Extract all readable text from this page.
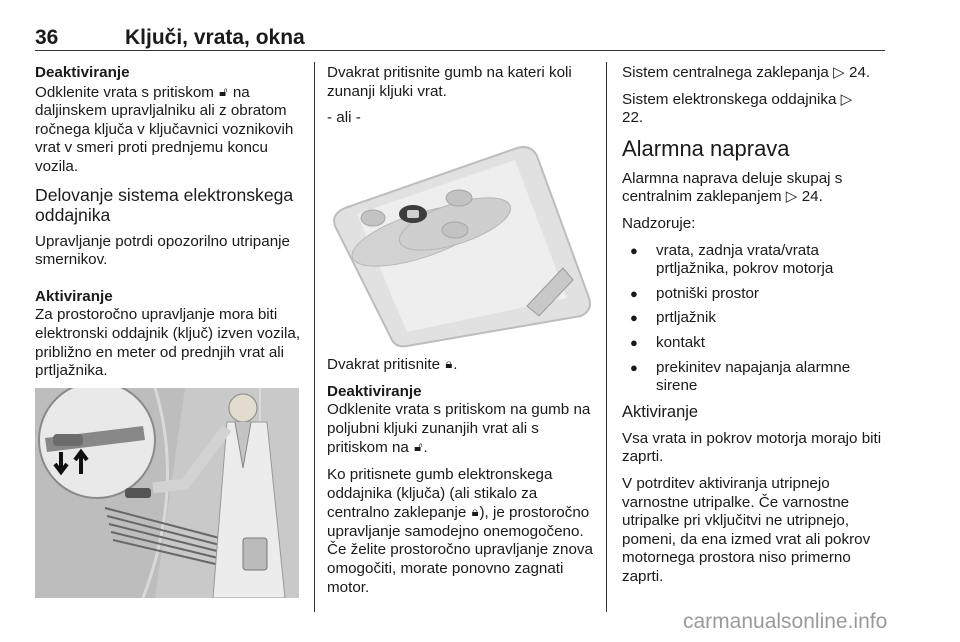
36	Ključi, vrata, okna

Deaktiviranje

Odklenite vrata s pritiskom 🔓︎ na daljinskem upravljalniku ali z obratom ročnega ključa v ključavnici voznikovih vrat v smeri proti prednjemu koncu vozila.

Delovanje sistema elektronskega oddajnika

Upravljanje potrdi opozorilno utripanje smernikov.

Aktiviranje

Za prostoročno upravljanje mora biti elektronski oddajnik (ključ) izven vozila, približno en meter od prednjih vrat ali prtljažnika.

Dvakrat pritisnite gumb na kateri koli zunanji kljuki vrat.

- ali -

Dvakrat pritisnite 🔒︎.

Deaktiviranje

Odklenite vrata s pritiskom na gumb na poljubni kljuki zunanjih vrat ali s pritiskom na 🔓︎.

Ko pritisnete gumb elektronskega oddajnika (ključa) (ali stikalo za centralno zaklepanje 🔒︎), je prostoročno upravljanje samodejno onemogočeno. Če želite prostoročno upravljanje znova omogočiti, morate ponovno zagnati motor.

Sistem centralnega zaklepanja ▷ 24.

Sistem elektronskega oddajnika ▷ 22.

Alarmna naprava

Alarmna naprava deluje skupaj s centralnim zaklepanjem ▷ 24.

Nadzoruje:

● vrata, zadnja vrata/vrata prtljažnika, pokrov motorja
● potniški prostor
● prtljažnik
● kontakt
● prekinitev napajanja alarmne sirene

Aktiviranje

Vsa vrata in pokrov motorja morajo biti zaprti.

V potrditev aktiviranja utripnejo varnostne utripalke. Če varnostne utripalke pri vključitvi ne utripnejo, pomeni, da ena izmed vrat ali pokrov motornega prostora niso primerno zaprti.

carmanualsonline.info
